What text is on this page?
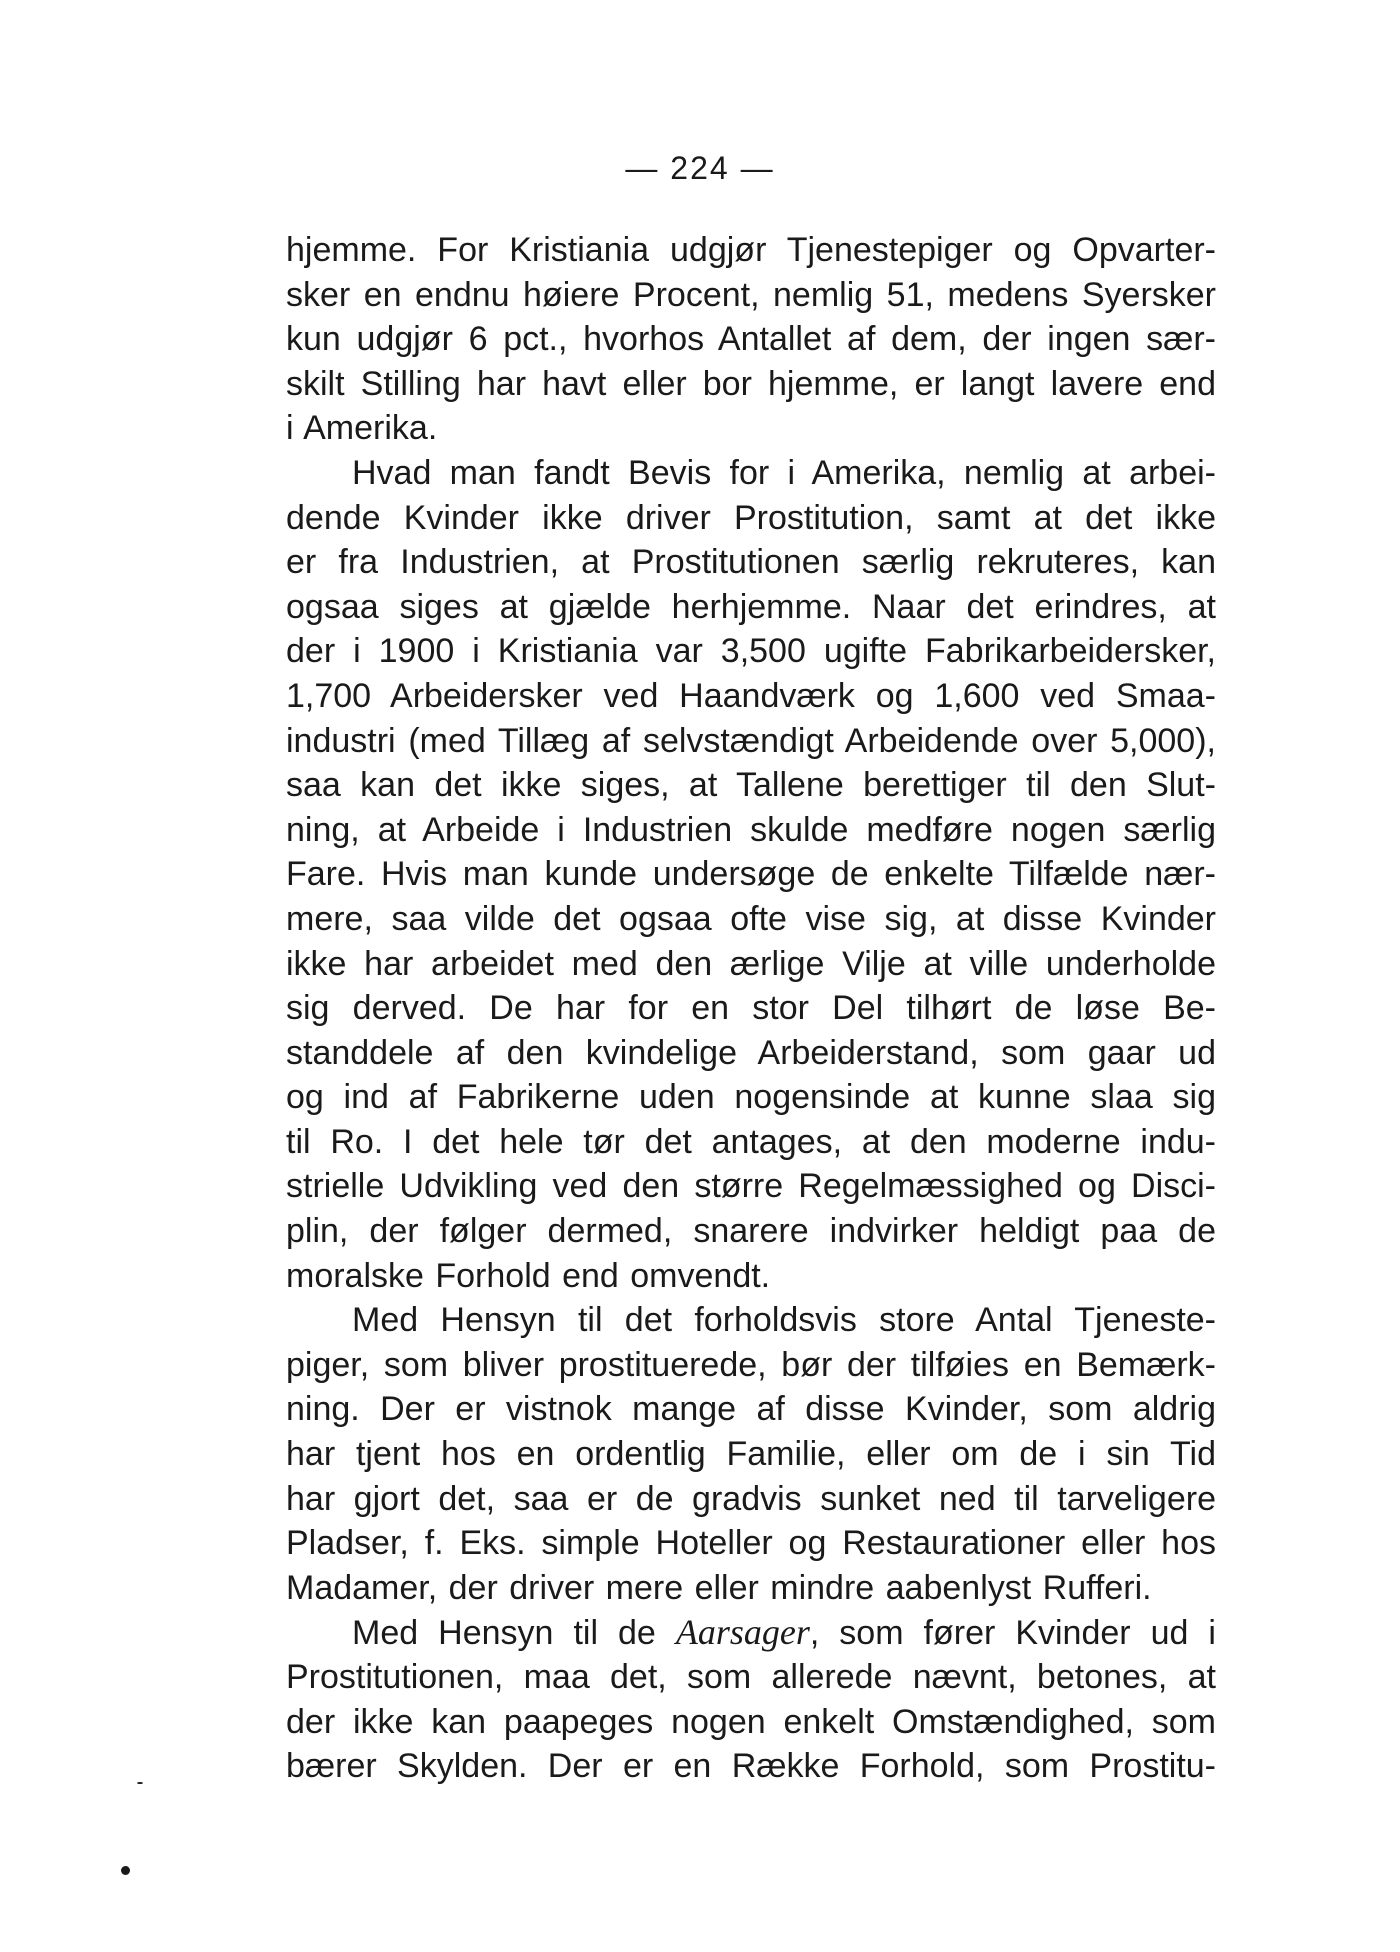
— 224 —
hjemme. For Kristiania udgjør Tjenestepiger og Opvarter-
sker en endnu høiere Procent, nemlig 51, medens Syersker
kun udgjør 6 pct., hvorhos Antallet af dem, der ingen sær-
skilt Stilling har havt eller bor hjemme, er langt lavere end
i Amerika.
Hvad man fandt Bevis for i Amerika, nemlig at arbei-
dende Kvinder ikke driver Prostitution, samt at det ikke
er fra Industrien, at Prostitutionen særlig rekruteres, kan
ogsaa siges at gjælde herhjemme. Naar det erindres, at
der i 1900 i Kristiania var 3,500 ugifte Fabrikarbeidersker,
1,700 Arbeidersker ved Haandværk og 1,600 ved Smaa-
industri (med Tillæg af selvstændigt Arbeidende over 5,000),
saa kan det ikke siges, at Tallene berettiger til den Slut-
ning, at Arbeide i Industrien skulde medføre nogen særlig
Fare. Hvis man kunde undersøge de enkelte Tilfælde nær-
mere, saa vilde det ogsaa ofte vise sig, at disse Kvinder
ikke har arbeidet med den ærlige Vilje at ville underholde
sig derved. De har for en stor Del tilhørt de løse Be-
standdele af den kvindelige Arbeiderstand, som gaar ud
og ind af Fabrikerne uden nogensinde at kunne slaa sig
til Ro. I det hele tør det antages, at den moderne indu-
strielle Udvikling ved den større Regelmæssighed og Disci-
plin, der følger dermed, snarere indvirker heldigt paa de
moralske Forhold end omvendt.
Med Hensyn til det forholdsvis store Antal Tjeneste-
piger, som bliver prostituerede, bør der tilføies en Bemærk-
ning. Der er vistnok mange af disse Kvinder, som aldrig
har tjent hos en ordentlig Familie, eller om de i sin Tid
har gjort det, saa er de gradvis sunket ned til tarveligere
Pladser, f. Eks. simple Hoteller og Restaurationer eller hos
Madamer, der driver mere eller mindre aabenlyst Rufferi.
Med Hensyn til de Aarsager, som fører Kvinder ud i
Prostitutionen, maa det, som allerede nævnt, betones, at
der ikke kan paapeges nogen enkelt Omstændighed, som
bærer Skylden. Der er en Række Forhold, som Prostitu-
